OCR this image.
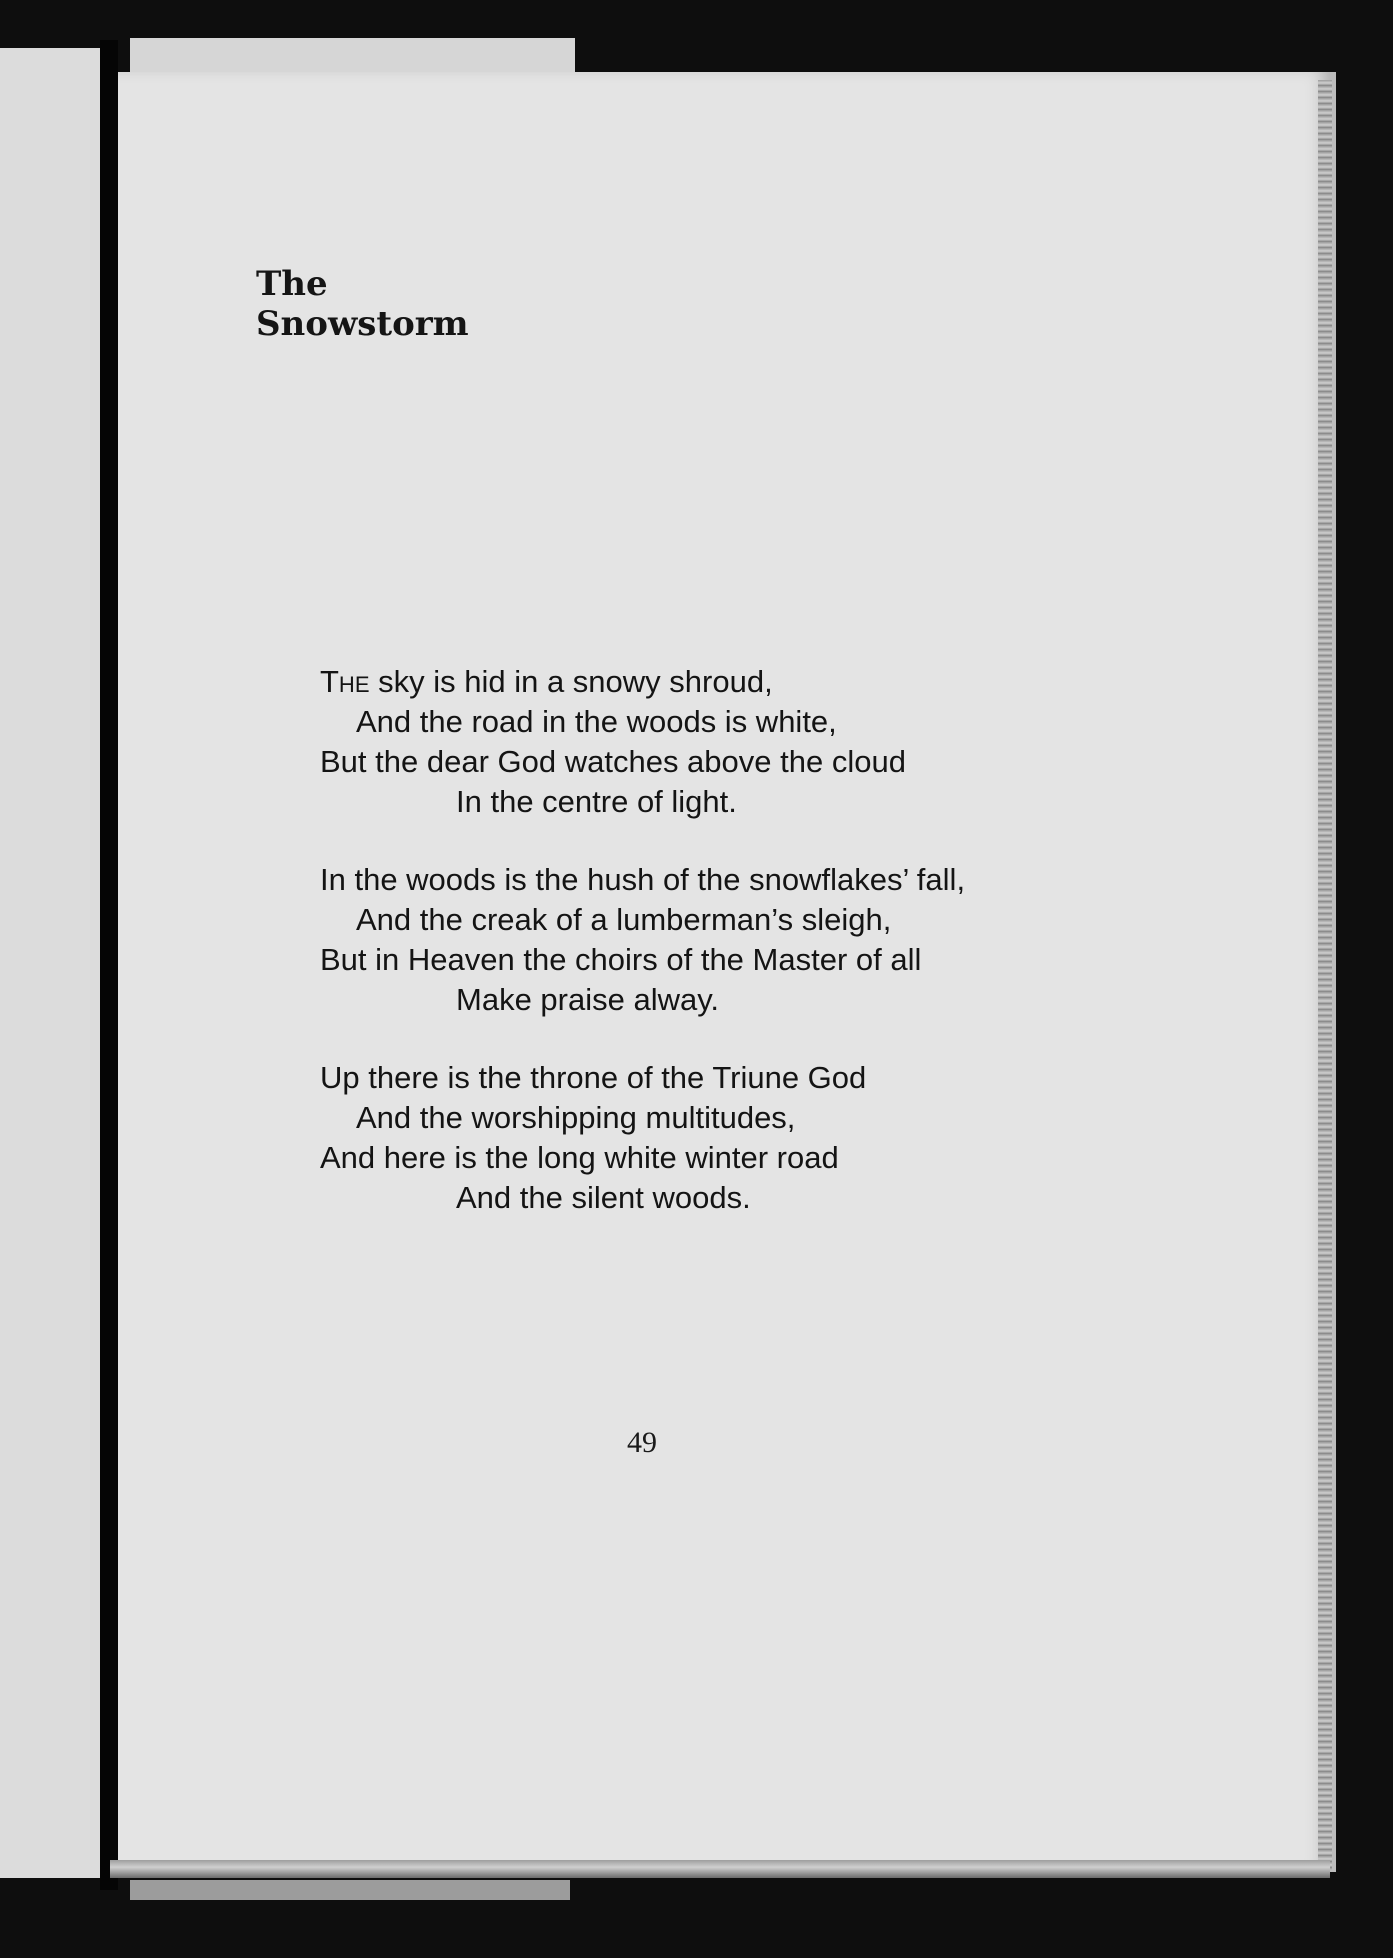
The
Snowstorm
The sky is hid in a snowy shroud,
And the road in the woods is white,
But the dear God watches above the cloud
In the centre of light.
In the woods is the hush of the snowflakes’ fall,
And the creak of a lumberman’s sleigh,
But in Heaven the choirs of the Master of all
Make praise alway.
Up there is the throne of the Triune God
And the worshipping multitudes,
And here is the long white winter road
And the silent woods.
49
